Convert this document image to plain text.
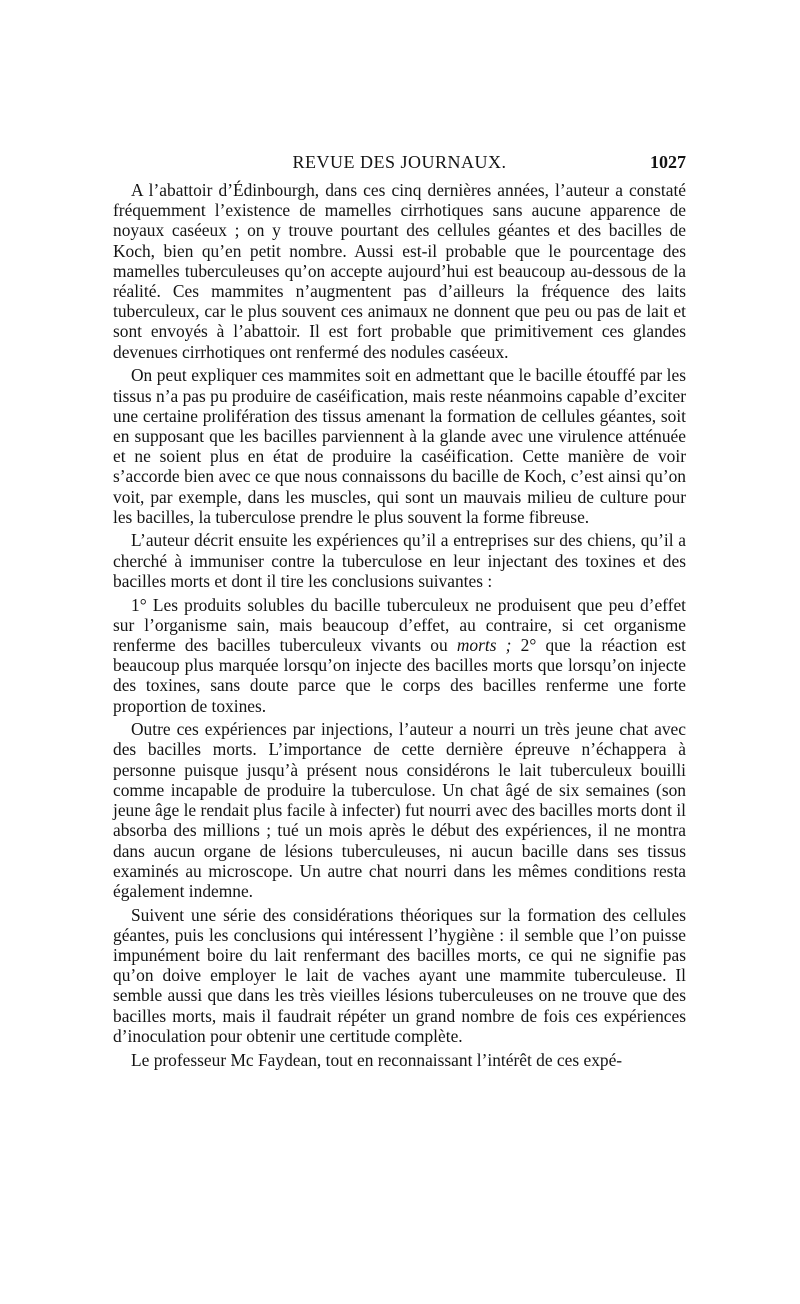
REVUE DES JOURNAUX.	1027

A l’abattoir d’Édinbourgh, dans ces cinq dernières années, l’auteur a constaté fréquemment l’existence de mamelles cirrhotiques sans aucune apparence de noyaux caséeux ; on y trouve pourtant des cellules géantes et des bacilles de Koch, bien qu’en petit nombre. Aussi est-il probable que le pourcentage des mamelles tuberculeuses qu’on accepte aujourd’hui est beaucoup au-dessous de la réalité. Ces mammites n’augmentent pas d’ailleurs la fréquence des laits tuberculeux, car le plus souvent ces animaux ne donnent que peu ou pas de lait et sont envoyés à l’abattoir. Il est fort probable que primitivement ces glandes devenues cirrhotiques ont renfermé des nodules caséeux.

On peut expliquer ces mammites soit en admettant que le bacille étouffé par les tissus n’a pas pu produire de caséification, mais reste néanmoins capable d’exciter une certaine prolifération des tissus amenant la formation de cellules géantes, soit en supposant que les bacilles parviennent à la glande avec une virulence atténuée et ne soient plus en état de produire la caséification. Cette manière de voir s’accorde bien avec ce que nous connaissons du bacille de Koch, c’est ainsi qu’on voit, par exemple, dans les muscles, qui sont un mauvais milieu de culture pour les bacilles, la tuberculose prendre le plus souvent la forme fibreuse.

L’auteur décrit ensuite les expériences qu’il a entreprises sur des chiens, qu’il a cherché à immuniser contre la tuberculose en leur injectant des toxines et des bacilles morts et dont il tire les conclusions suivantes :

1° Les produits solubles du bacille tuberculeux ne produisent que peu d’effet sur l’organisme sain, mais beaucoup d’effet, au contraire, si cet organisme renferme des bacilles tuberculeux vivants ou morts ; 2° que la réaction est beaucoup plus marquée lorsqu’on injecte des bacilles morts que lorsqu’on injecte des toxines, sans doute parce que le corps des bacilles renferme une forte proportion de toxines.

Outre ces expériences par injections, l’auteur a nourri un très jeune chat avec des bacilles morts. L’importance de cette dernière épreuve n’échappera à personne puisque jusqu’à présent nous considérons le lait tuberculeux bouilli comme incapable de produire la tuberculose. Un chat âgé de six semaines (son jeune âge le rendait plus facile à infecter) fut nourri avec des bacilles morts dont il absorba des millions ; tué un mois après le début des expériences, il ne montra dans aucun organe de lésions tuberculeuses, ni aucun bacille dans ses tissus examinés au microscope. Un autre chat nourri dans les mêmes conditions resta également indemne.

Suivent une série des considérations théoriques sur la formation des cellules géantes, puis les conclusions qui intéressent l’hygiène : il semble que l’on puisse impunément boire du lait renfermant des bacilles morts, ce qui ne signifie pas qu’on doive employer le lait de vaches ayant une mammite tuberculeuse. Il semble aussi que dans les très vieilles lésions tuberculeuses on ne trouve que des bacilles morts, mais il faudrait répéter un grand nombre de fois ces expériences d’inoculation pour obtenir une certitude complète.

Le professeur Mc Faydean, tout en reconnaissant l’intérêt de ces expé-
